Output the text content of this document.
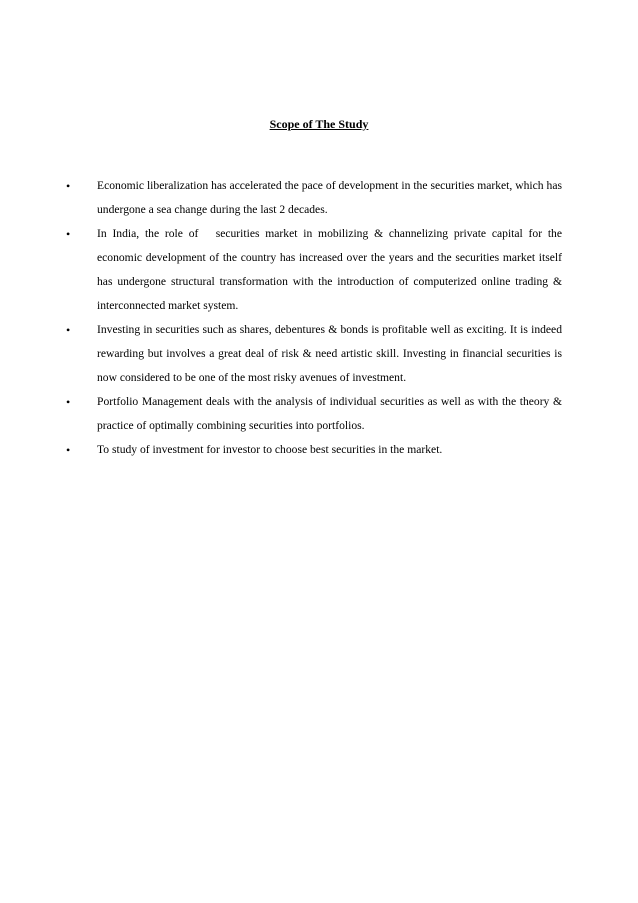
Scope of The Study
•	Economic liberalization has accelerated the pace of development in the securities market, which has undergone a sea change during the last 2 decades.
•	In India, the role of   securities market in mobilizing & channelizing private capital for the economic development of the country has increased over the years and the securities market itself has undergone structural transformation with the introduction of computerized online trading & interconnected market system.
•	Investing in securities such as shares, debentures & bonds is profitable well as exciting. It is indeed rewarding but involves a great deal of risk & need artistic skill. Investing in financial securities is now considered to be one of the most risky avenues of investment.
•	Portfolio Management deals with the analysis of individual securities as well as with the theory & practice of optimally combining securities into portfolios.
•	To study of investment for investor to choose best securities in the market.
